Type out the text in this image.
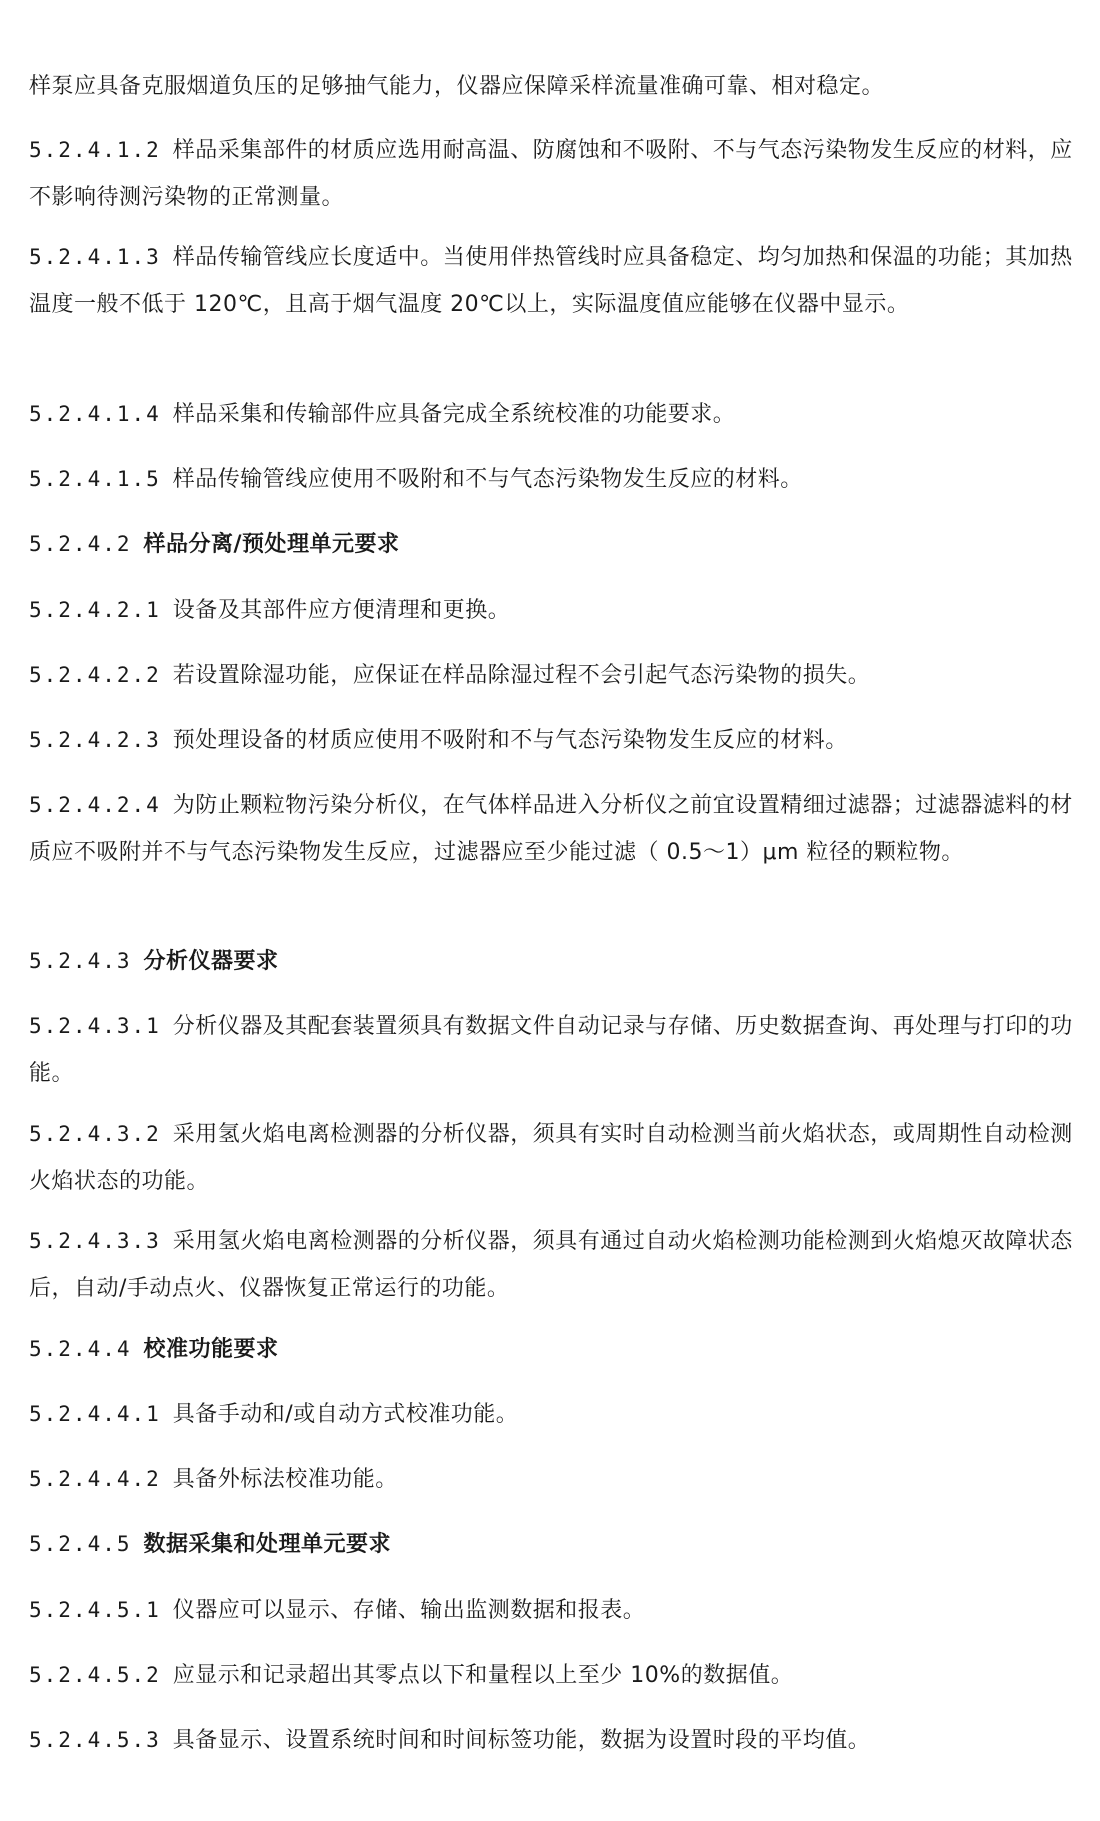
样泵应具备克服烟道负压的足够抽气能力，仪器应保障采样流量准确可靠、相对稳定。

5.2.4.1.2 样品采集部件的材质应选用耐高温、防腐蚀和不吸附、不与气态污染物发生反应的材料，应不影响待测污染物的正常测量。

5.2.4.1.3 样品传输管线应长度适中。当使用伴热管线时应具备稳定、均匀加热和保温的功能；其加热温度一般不低于 120℃，且高于烟气温度 20℃以上，实际温度值应能够在仪器中显示。

5.2.4.1.4 样品采集和传输部件应具备完成全系统校准的功能要求。

5.2.4.1.5 样品传输管线应使用不吸附和不与气态污染物发生反应的材料。

5.2.4.2 样品分离/预处理单元要求

5.2.4.2.1 设备及其部件应方便清理和更换。

5.2.4.2.2 若设置除湿功能，应保证在样品除湿过程不会引起气态污染物的损失。

5.2.4.2.3 预处理设备的材质应使用不吸附和不与气态污染物发生反应的材料。

5.2.4.2.4 为防止颗粒物污染分析仪，在气体样品进入分析仪之前宜设置精细过滤器；过滤器滤料的材质应不吸附并不与气态污染物发生反应，过滤器应至少能过滤（ 0.5～1）μm 粒径的颗粒物。

5.2.4.3 分析仪器要求

5.2.4.3.1 分析仪器及其配套装置须具有数据文件自动记录与存储、历史数据查询、再处理与打印的功能。

5.2.4.3.2 采用氢火焰电离检测器的分析仪器，须具有实时自动检测当前火焰状态，或周期性自动检测火焰状态的功能。

5.2.4.3.3 采用氢火焰电离检测器的分析仪器，须具有通过自动火焰检测功能检测到火焰熄灭故障状态后，自动/手动点火、仪器恢复正常运行的功能。

5.2.4.4 校准功能要求

5.2.4.4.1 具备手动和/或自动方式校准功能。

5.2.4.4.2 具备外标法校准功能。

5.2.4.5 数据采集和处理单元要求

5.2.4.5.1 仪器应可以显示、存储、输出监测数据和报表。

5.2.4.5.2 应显示和记录超出其零点以下和量程以上至少 10%的数据值。

5.2.4.5.3 具备显示、设置系统时间和时间标签功能，数据为设置时段的平均值。
